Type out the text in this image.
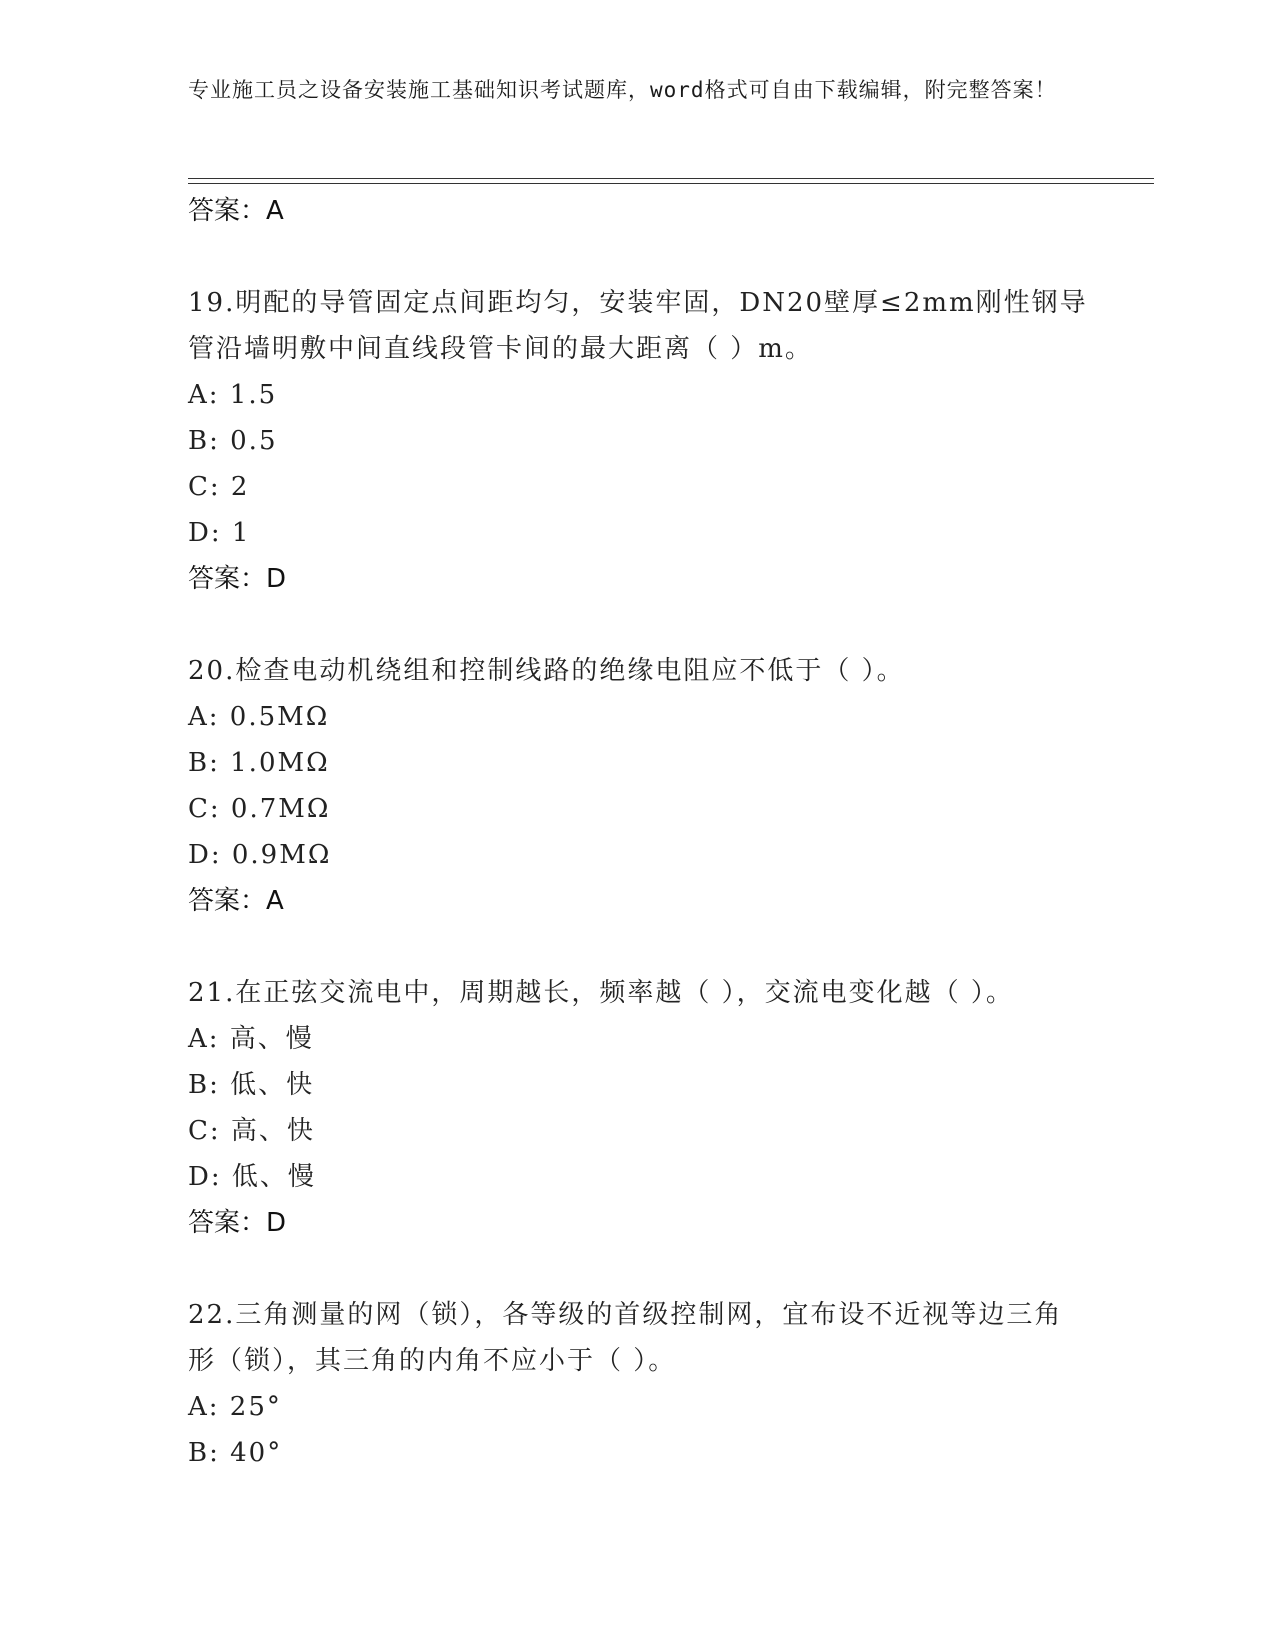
专业施工员之设备安装施工基础知识考试题库，word格式可自由下载编辑，附完整答案！
答案：A
19.明配的导管固定点间距均匀，安装牢固，DN20壁厚≤2mm刚性钢导管沿墙明敷中间直线段管卡间的最大距离（ ）m。
A: 1.5
B: 0.5
C: 2
D: 1
答案：D
20.检查电动机绕组和控制线路的绝缘电阻应不低于（ ）。
A: 0.5MΩ
B: 1.0MΩ
C: 0.7MΩ
D: 0.9MΩ
答案：A
21.在正弦交流电中，周期越长，频率越（ ），交流电变化越（ ）。
A: 高、慢
B: 低、快
C: 高、快
D: 低、慢
答案：D
22.三角测量的网（锁），各等级的首级控制网，宜布设不近视等边三角形（锁），其三角的内角不应小于（ ）。
A: 25°
B: 40°
